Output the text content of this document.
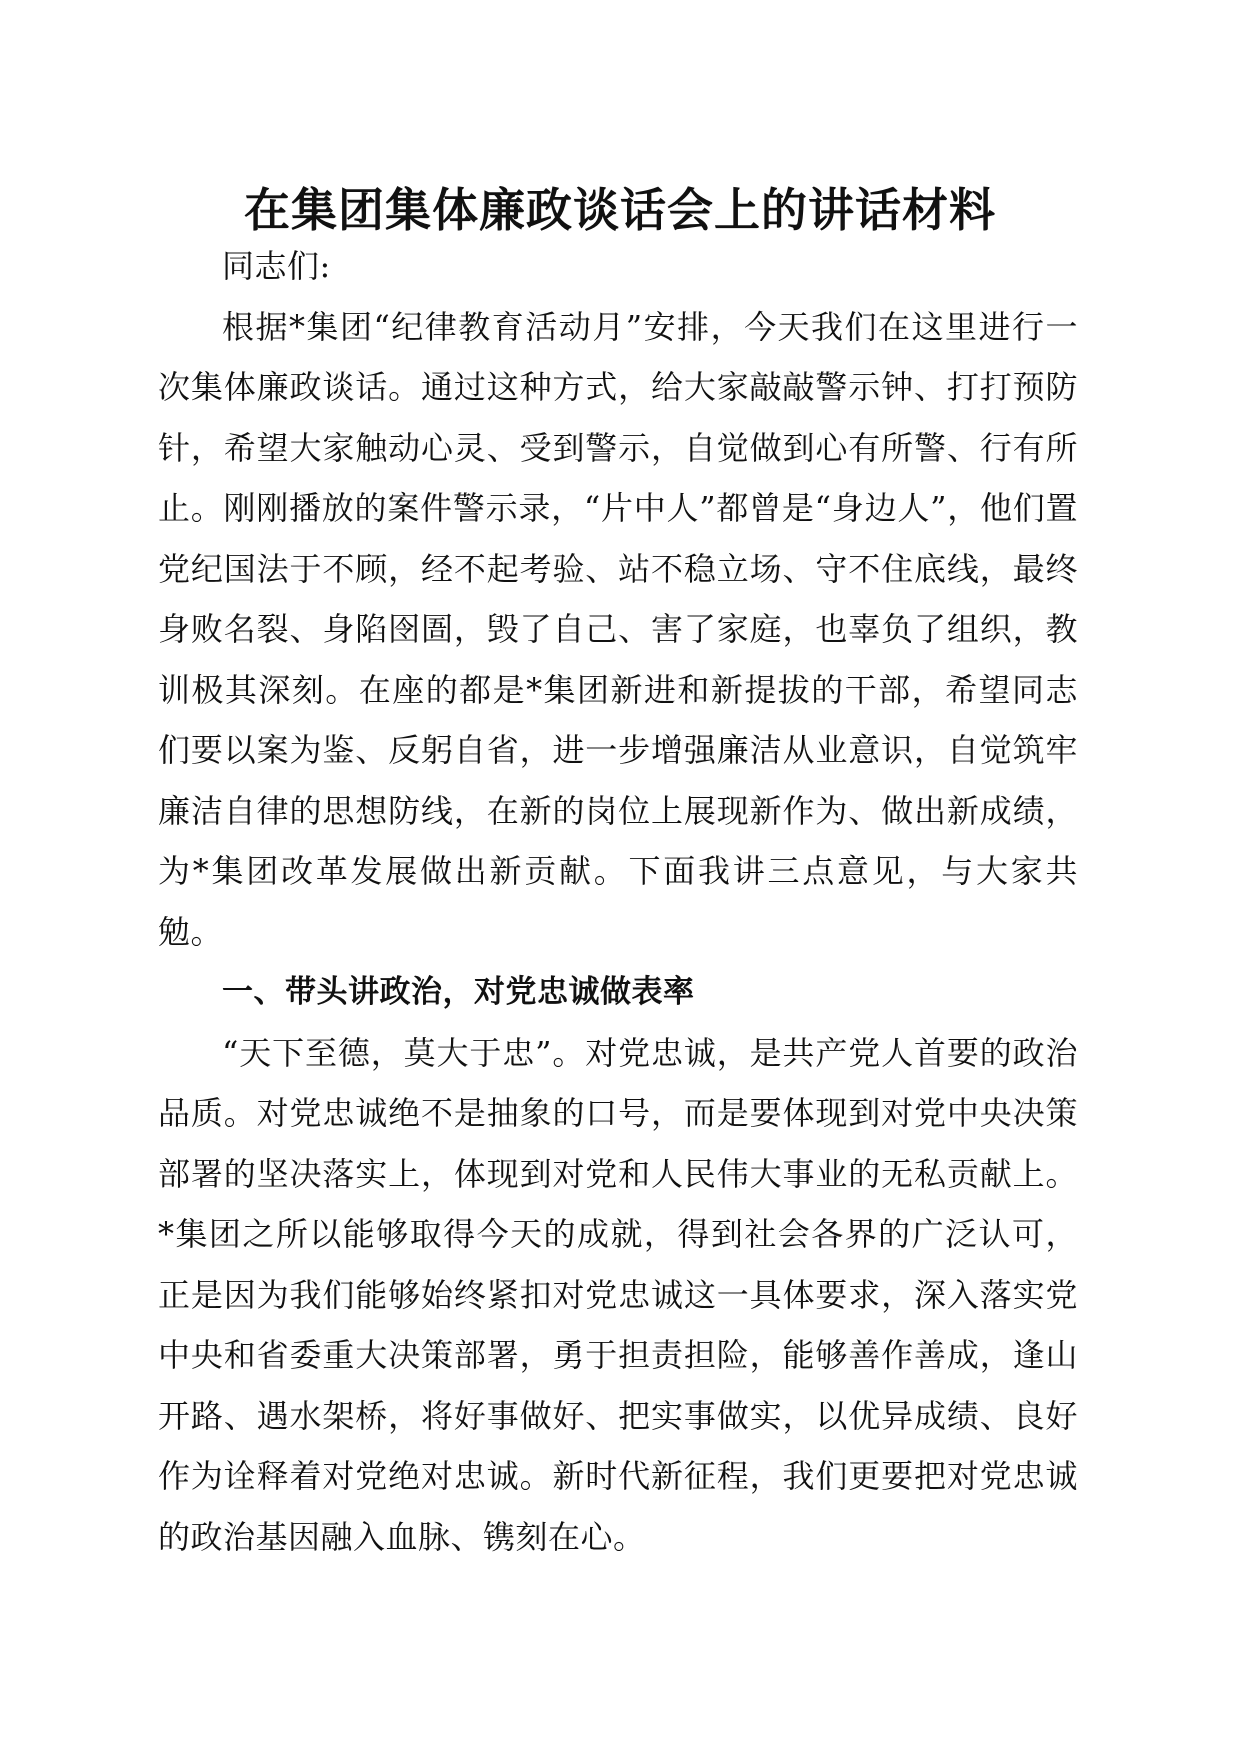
在集团集体廉政谈话会上的讲话材料

同志们:

根据*集团“纪律教育活动月”安排，今天我们在这里进行一次集体廉政谈话。通过这种方式，给大家敲敲警示钟、打打预防针，希望大家触动心灵、受到警示，自觉做到心有所警、行有所止。刚刚播放的案件警示录，“片中人”都曾是“身边人”，他们置党纪国法于不顾，经不起考验、站不稳立场、守不住底线，最终身败名裂、身陷囹圄，毁了自己、害了家庭，也辜负了组织，教训极其深刻。在座的都是*集团新进和新提拔的干部，希望同志们要以案为鉴、反躬自省，进一步增强廉洁从业意识，自觉筑牢廉洁自律的思想防线，在新的岗位上展现新作为、做出新成绩，为*集团改革发展做出新贡献。下面我讲三点意见，与大家共勉。

一、带头讲政治，对党忠诚做表率

“天下至德，莫大于忠”。对党忠诚，是共产党人首要的政治品质。对党忠诚绝不是抽象的口号，而是要体现到对党中央决策部署的坚决落实上，体现到对党和人民伟大事业的无私贡献上。*集团之所以能够取得今天的成就，得到社会各界的广泛认可，正是因为我们能够始终紧扣对党忠诚这一具体要求，深入落实党中央和省委重大决策部署，勇于担责担险，能够善作善成，逢山开路、遇水架桥，将好事做好、把实事做实，以优异成绩、良好作为诠释着对党绝对忠诚。新时代新征程，我们更要把对党忠诚的政治基因融入血脉、镌刻在心。
